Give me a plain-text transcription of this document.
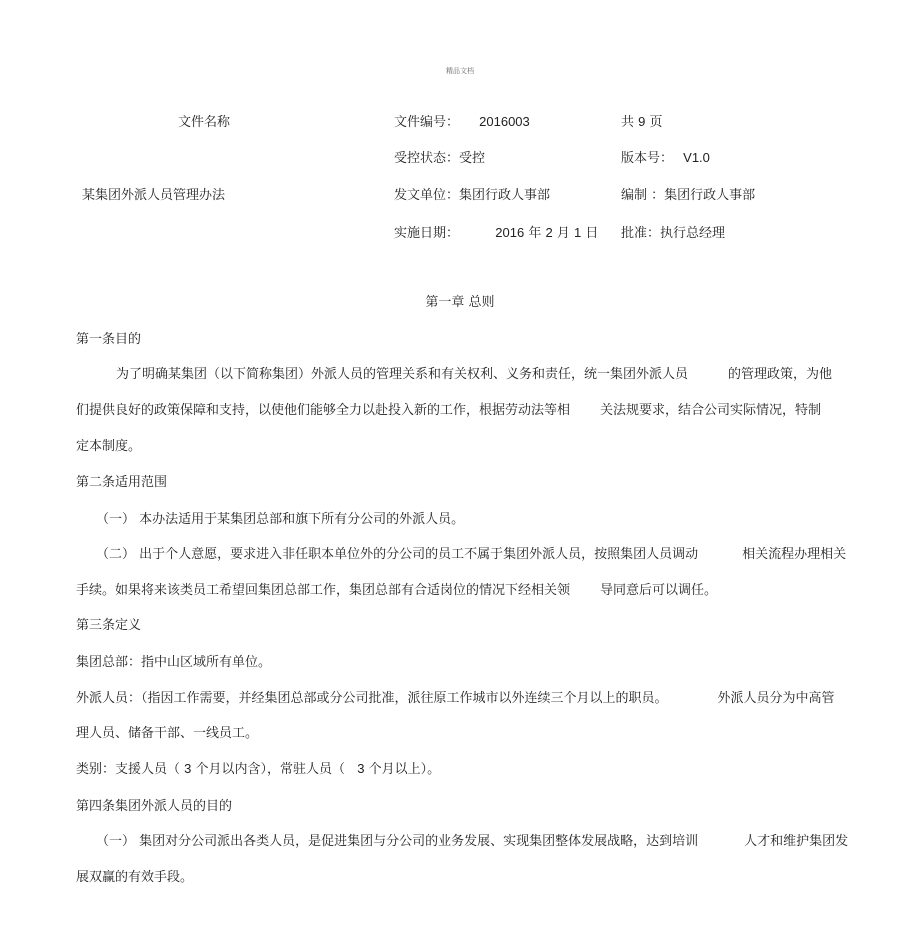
精品文档
文件名称
某集团外派人员管理办法
文件编号： 2016003	共 9 页
受控状态：受控	版本号： V1.0
发文单位：集团行政人事部	编制 ：集团行政人事部
实施日期：	2016 年 2 月 1 日 批准：执行总经理
第一章 总则
第一条目的
为了明确某集团（以下简称集团）外派人员的管理关系和有关权利、义务和责任，统一集团外派人员	的管理政策，为他
们提供良好的政策保障和支持，以使他们能够全力以赴投入新的工作，根据劳动法等相 关法规要求，结合公司实际情况，特制
定本制度。
第二条适用范围
（一） 本办法适用于某集团总部和旗下所有分公司的外派人员。
（二） 出于个人意愿，要求进入非任职本单位外的分公司的员工不属于集团外派人员，按照集团人员调动	相关流程办理相关
手续。如果将来该类员工希望回集团总部工作，集团总部有合适岗位的情况下经相关领 导同意后可以调任。
第三条定义
集团总部：指中山区域所有单位。
外派人员：（指因工作需要，并经集团总部或分公司批准，派往原工作城市以外连续三个月以上的职员。	外派人员分为中高管
理人员、储备干部、一线员工。
类别：支援人员（ 3 个月以内含），常驻人员（ 3 个月以上）。
第四条集团外派人员的目的
（一） 集团对分公司派出各类人员，是促进集团与分公司的业务发展、实现集团整体发展战略，达到培训	人才和维护集团发
展双赢的有效手段。
